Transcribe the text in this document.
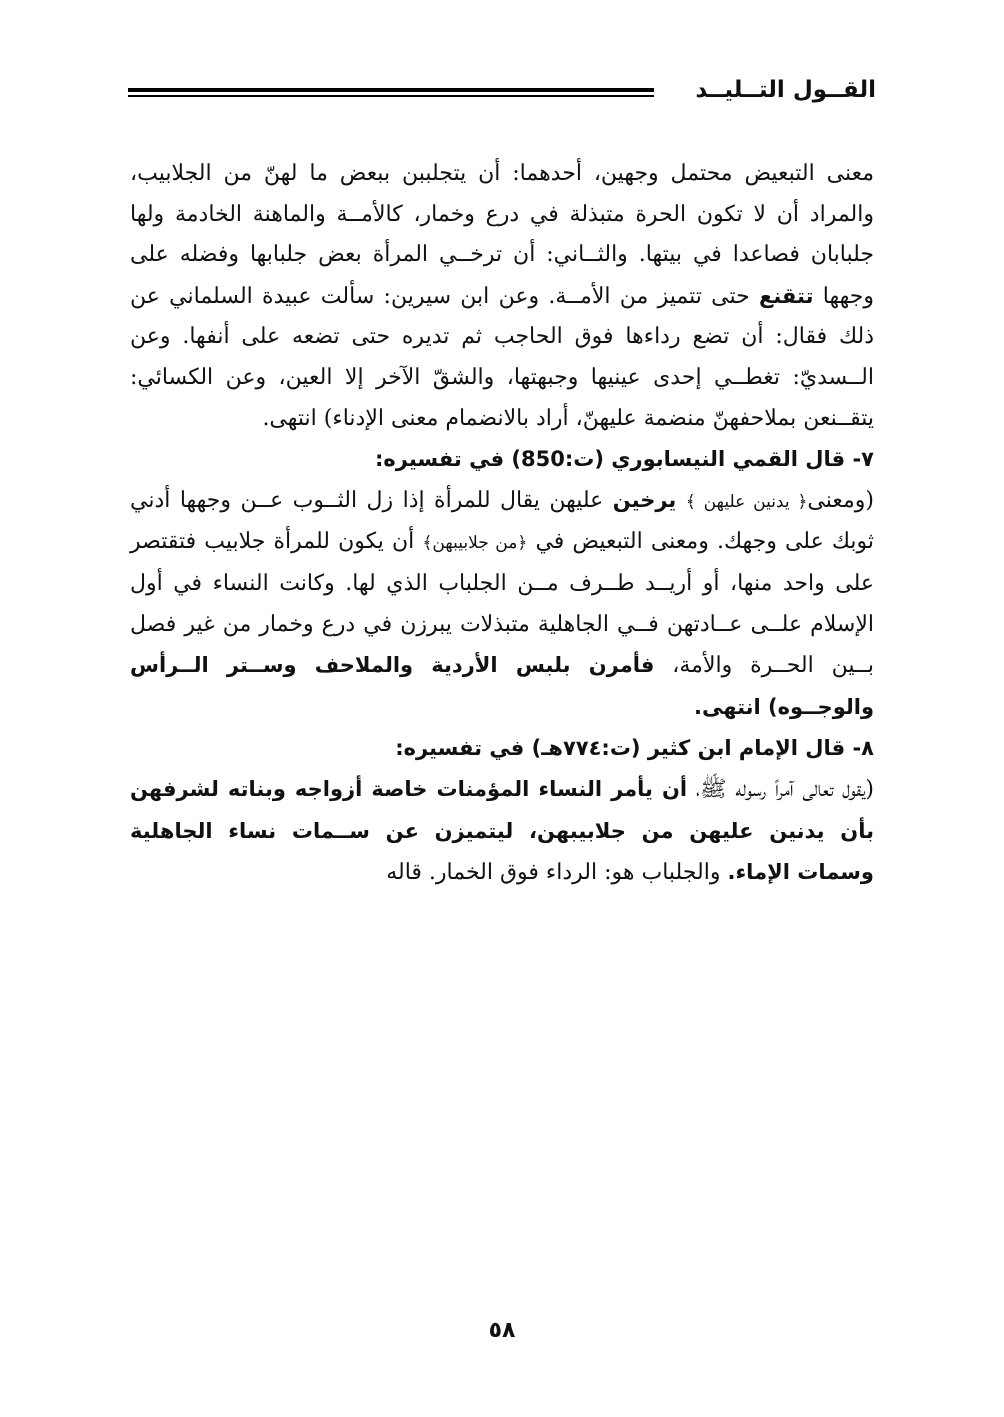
القــول التــليــد

معنى التبعيض محتمل وجهين، أحدهما: أن يتجلببن ببعض ما لهنّ من الجلابيب، والمراد أن لا تكون الحرة متبذلة في درع وخمار، كالأمــة والماهنة الخادمة ولها جلبابان فصاعدا في بيتها. والثــاني: أن ترخــي المرأة بعض جلبابها وفضله على وجهها تتقنع حتى تتميز من الأمــة. وعن ابن سيرين: سألت عبيدة السلماني عن ذلك فقال: أن تضع رداءها فوق الحاجب ثم تديره حتى تضعه على أنفها. وعن الــسديّ: تغطــي إحدى عينيها وجبهتها، والشقّ الآخر إلا العين، وعن الكسائي: يتقــنعن بملاحفهنّ منضمة عليهنّ، أراد بالانضمام معنى الإدناء) انتهى.

٧- قال القمي النيسابوري (ت:850) في تفسيره:

(ومعنى﴿ يدنين عليهن ﴾ يرخين عليهن يقال للمرأة إذا زل الثــوب عــن وجهها أدني ثوبك على وجهك. ومعنى التبعيض في ﴿من جلابيبهن﴾ أن يكون للمرأة جلابيب فتقتصر على واحد منها، أو أريــد طــرف مــن الجلباب الذي لها. وكانت النساء في أول الإسلام علــى عــادتهن فــي الجاهلية متبذلات يبرزن في درع وخمار من غير فصل بــين الحــرة والأمة، فأمرن بلبس الأردية والملاحف وســتر الــرأس والوجــوه) انتهى.

٨- قال الإمام ابن كثير (ت:٧٧٤هـ) في تفسيره:

(يقول تعالى آمراً رسوله ﷺ، أن يأمر النساء المؤمنات خاصة أزواجه وبناته لشرفهن بأن يدنين عليهن من جلابيبهن، ليتميزن عن ســمات نساء الجاهلية وسمات الإماء. والجلباب هو: الرداء فوق الخمار. قاله

٥٨
